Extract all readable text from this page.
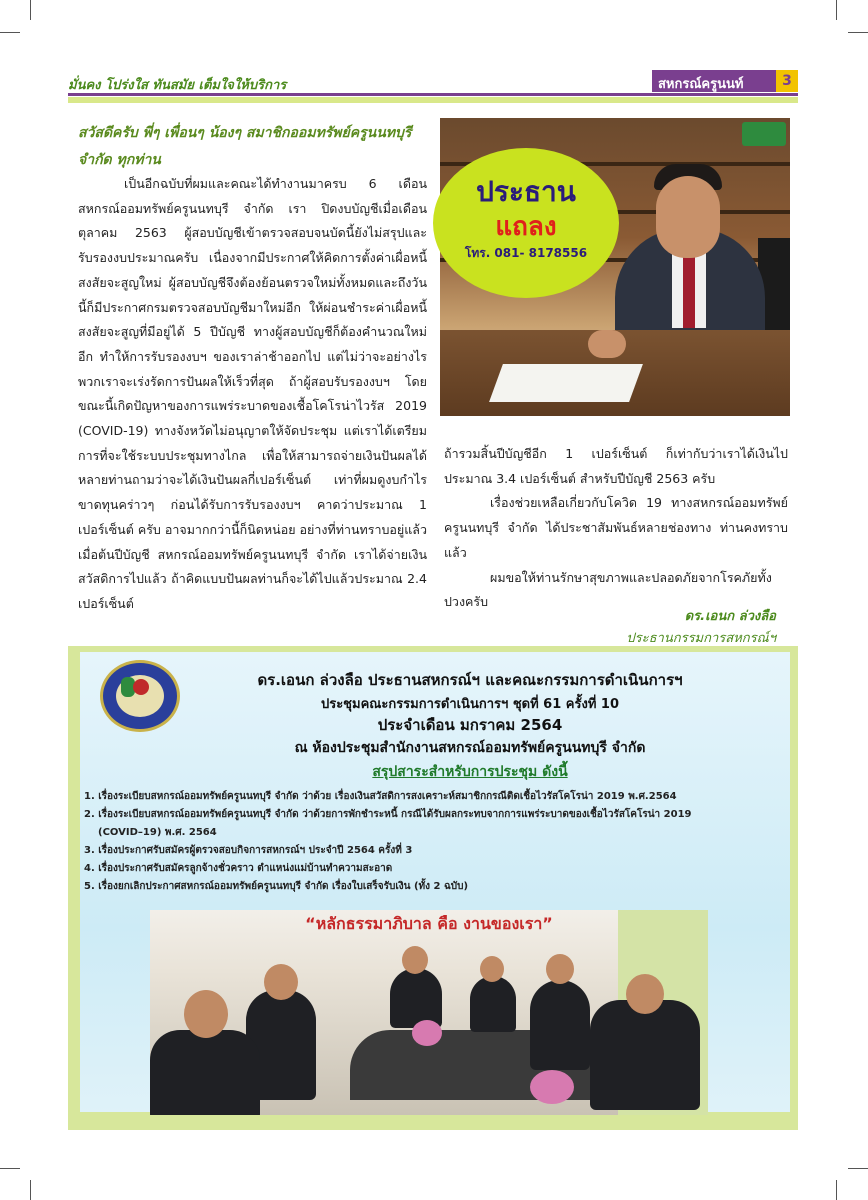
มั่นคง โปร่งใส ทันสมัย เต็มใจให้บริการ	สหกรณ์ครูนนท์	3
สวัสดีครับ พี่ๆ เพื่อนๆ น้องๆ สมาชิกออมทรัพย์ครูนนทบุรี จำกัด ทุกท่าน

เป็นอีกฉบับที่ผมและคณะได้ทำงานมาครบ 6 เดือน สหกรณ์ออมทรัพย์ครูนนทบุรี จำกัด เรา ปิดงบบัญชีเมื่อเดือนตุลาคม 2563 ผู้สอบบัญชีเข้าตรวจสอบจนบัดนี้ยังไม่สรุปและรับรองงบประมาณครับ เนื่องจากมีประกาศให้คิดการตั้งค่าเผื่อหนี้สงสัยจะสูญใหม่ ผู้สอบบัญชีจึงต้องย้อนตรวจใหม่ทั้งหมดและถึงวันนี้ก็มีประกาศกรมตรวจสอบบัญชีมาใหม่อีก ให้ผ่อนชำระค่าเผื่อหนี้สงสัยจะสูญที่มีอยู่ได้ 5 ปีบัญชี ทางผู้สอบบัญชีก็ต้องคำนวณใหม่อีก ทำให้การรับรองงบฯ ของเราล่าช้าออกไป แต่ไม่ว่าจะอย่างไร พวกเราจะเร่งรัดการปันผลให้เร็วที่สุด ถ้าผู้สอบรับรองงบฯ โดยขณะนี้เกิดปัญหาของการแพร่ระบาดของเชื้อโคโรน่าไวรัส 2019 (COVID-19) ทางจังหวัดไม่อนุญาตให้จัดประชุม แต่เราได้เตรียมการที่จะใช้ระบบประชุมทางไกล เพื่อให้สามารถจ่ายเงินปันผลได้ หลายท่านถามว่าจะได้เงินปันผลกี่เปอร์เซ็นต์ เท่าที่ผมดูงบกำไรขาดทุนคร่าวๆ ก่อนได้รับการรับรองงบฯ คาดว่าประมาณ 1 เปอร์เซ็นต์ ครับ อาจมากกว่านี้ก็นิดหน่อย อย่างที่ท่านทราบอยู่แล้วเมื่อต้นปีบัญชี สหกรณ์ออมทรัพย์ครูนนทบุรี จำกัด เราได้จ่ายเงินสวัสดิการไปแล้ว ถ้าคิดแบบปันผลท่านก็จะได้ไปแล้วประมาณ 2.4 เปอร์เซ็นต์

ประธาน
แถลง
โทร. 081- 8178556

ถ้ารวมสิ้นปีบัญชีอีก 1 เปอร์เซ็นต์ ก็เท่ากับว่าเราได้เงินไปประมาณ 3.4 เปอร์เซ็นต์ สำหรับปีบัญชี 2563 ครับ

เรื่องช่วยเหลือเกี่ยวกับโควิด 19 ทางสหกรณ์ออมทรัพย์ครูนนทบุรี จำกัด ได้ประชาสัมพันธ์หลายช่องทาง ท่านคงทราบแล้ว

ผมขอให้ท่านรักษาสุขภาพและปลอดภัยจากโรคภัยทั้งปวงครับ

ดร.เอนก ล่วงลือ
ประธานกรรมการสหกรณ์ฯ
ดร.เอนก ล่วงลือ ประธานสหกรณ์ฯ และคณะกรรมการดำเนินการฯ
ประชุมคณะกรรมการดำเนินการฯ ชุดที่ 61 ครั้งที่ 10
ประจำเดือน มกราคม 2564
ณ ห้องประชุมสำนักงานสหกรณ์ออมทรัพย์ครูนนทบุรี จำกัด
สรุปสาระสำหรับการประชุม ดังนี้
1. เรื่องระเบียบสหกรณ์ออมทรัพย์ครูนนทบุรี จำกัด ว่าด้วย เรื่องเงินสวัสดิการสงเคราะห์สมาชิกกรณีติดเชื้อไวรัสโคโรน่า 2019 พ.ศ.2564
2. เรื่องระเบียบสหกรณ์ออมทรัพย์ครูนนทบุรี จำกัด ว่าด้วยการพักชำระหนี้ กรณีได้รับผลกระทบจากการแพร่ระบาดของเชื้อไวรัสโคโรน่า 2019
(COVID–19) พ.ศ. 2564
3. เรื่องประกาศรับสมัครผู้ตรวจสอบกิจการสหกรณ์ฯ ประจำปี 2564 ครั้งที่ 3
4. เรื่องประกาศรับสมัครลูกจ้างชั่วคราว ตำแหน่งแม่บ้านทำความสะอาด
5. เรื่องยกเลิกประกาศสหกรณ์ออมทรัพย์ครูนนทบุรี จำกัด เรื่องใบเสร็จรับเงิน (ทั้ง 2 ฉบับ)
“หลักธรรมาภิบาล คือ งานของเรา”
